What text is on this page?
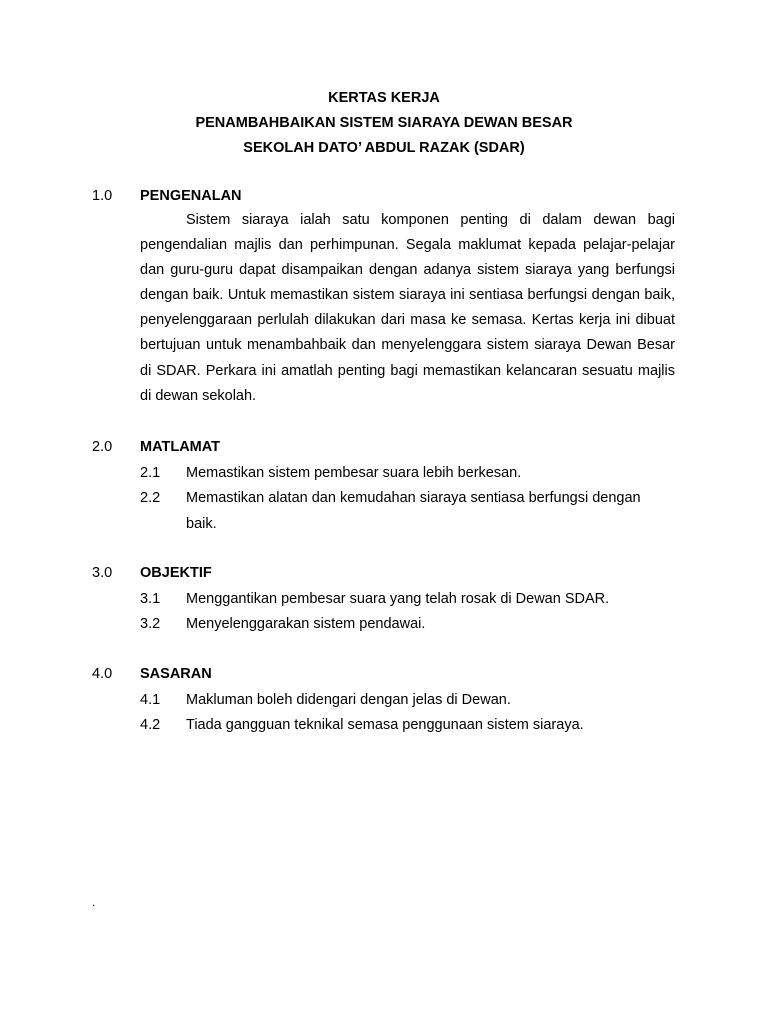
KERTAS KERJA
PENAMBAHBAIKAN SISTEM SIARAYA DEWAN BESAR
SEKOLAH DATO’ ABDUL RAZAK (SDAR)
1.0 PENGENALAN
Sistem siaraya ialah satu komponen penting di dalam dewan bagi pengendalian majlis dan perhimpunan. Segala maklumat kepada pelajar-pelajar dan guru-guru dapat disampaikan dengan adanya sistem siaraya yang berfungsi dengan baik. Untuk memastikan sistem siaraya ini sentiasa berfungsi dengan baik, penyelenggaraan perlulah dilakukan dari masa ke semasa. Kertas kerja ini dibuat bertujuan untuk menambahbaik dan menyelenggara sistem siaraya Dewan Besar di SDAR. Perkara ini amatlah penting bagi memastikan kelancaran sesuatu majlis di dewan sekolah.
2.0 MATLAMAT
2.1 Memastikan sistem pembesar suara lebih berkesan.
2.2 Memastikan alatan dan kemudahan siaraya sentiasa berfungsi dengan baik.
3.0 OBJEKTIF
3.1 Menggantikan pembesar suara yang telah rosak di Dewan SDAR.
3.2 Menyelenggarakan sistem pendawai.
4.0 SASARAN
4.1 Makluman boleh didengari dengan jelas di Dewan.
4.2 Tiada gangguan teknikal semasa penggunaan sistem siaraya.
.
